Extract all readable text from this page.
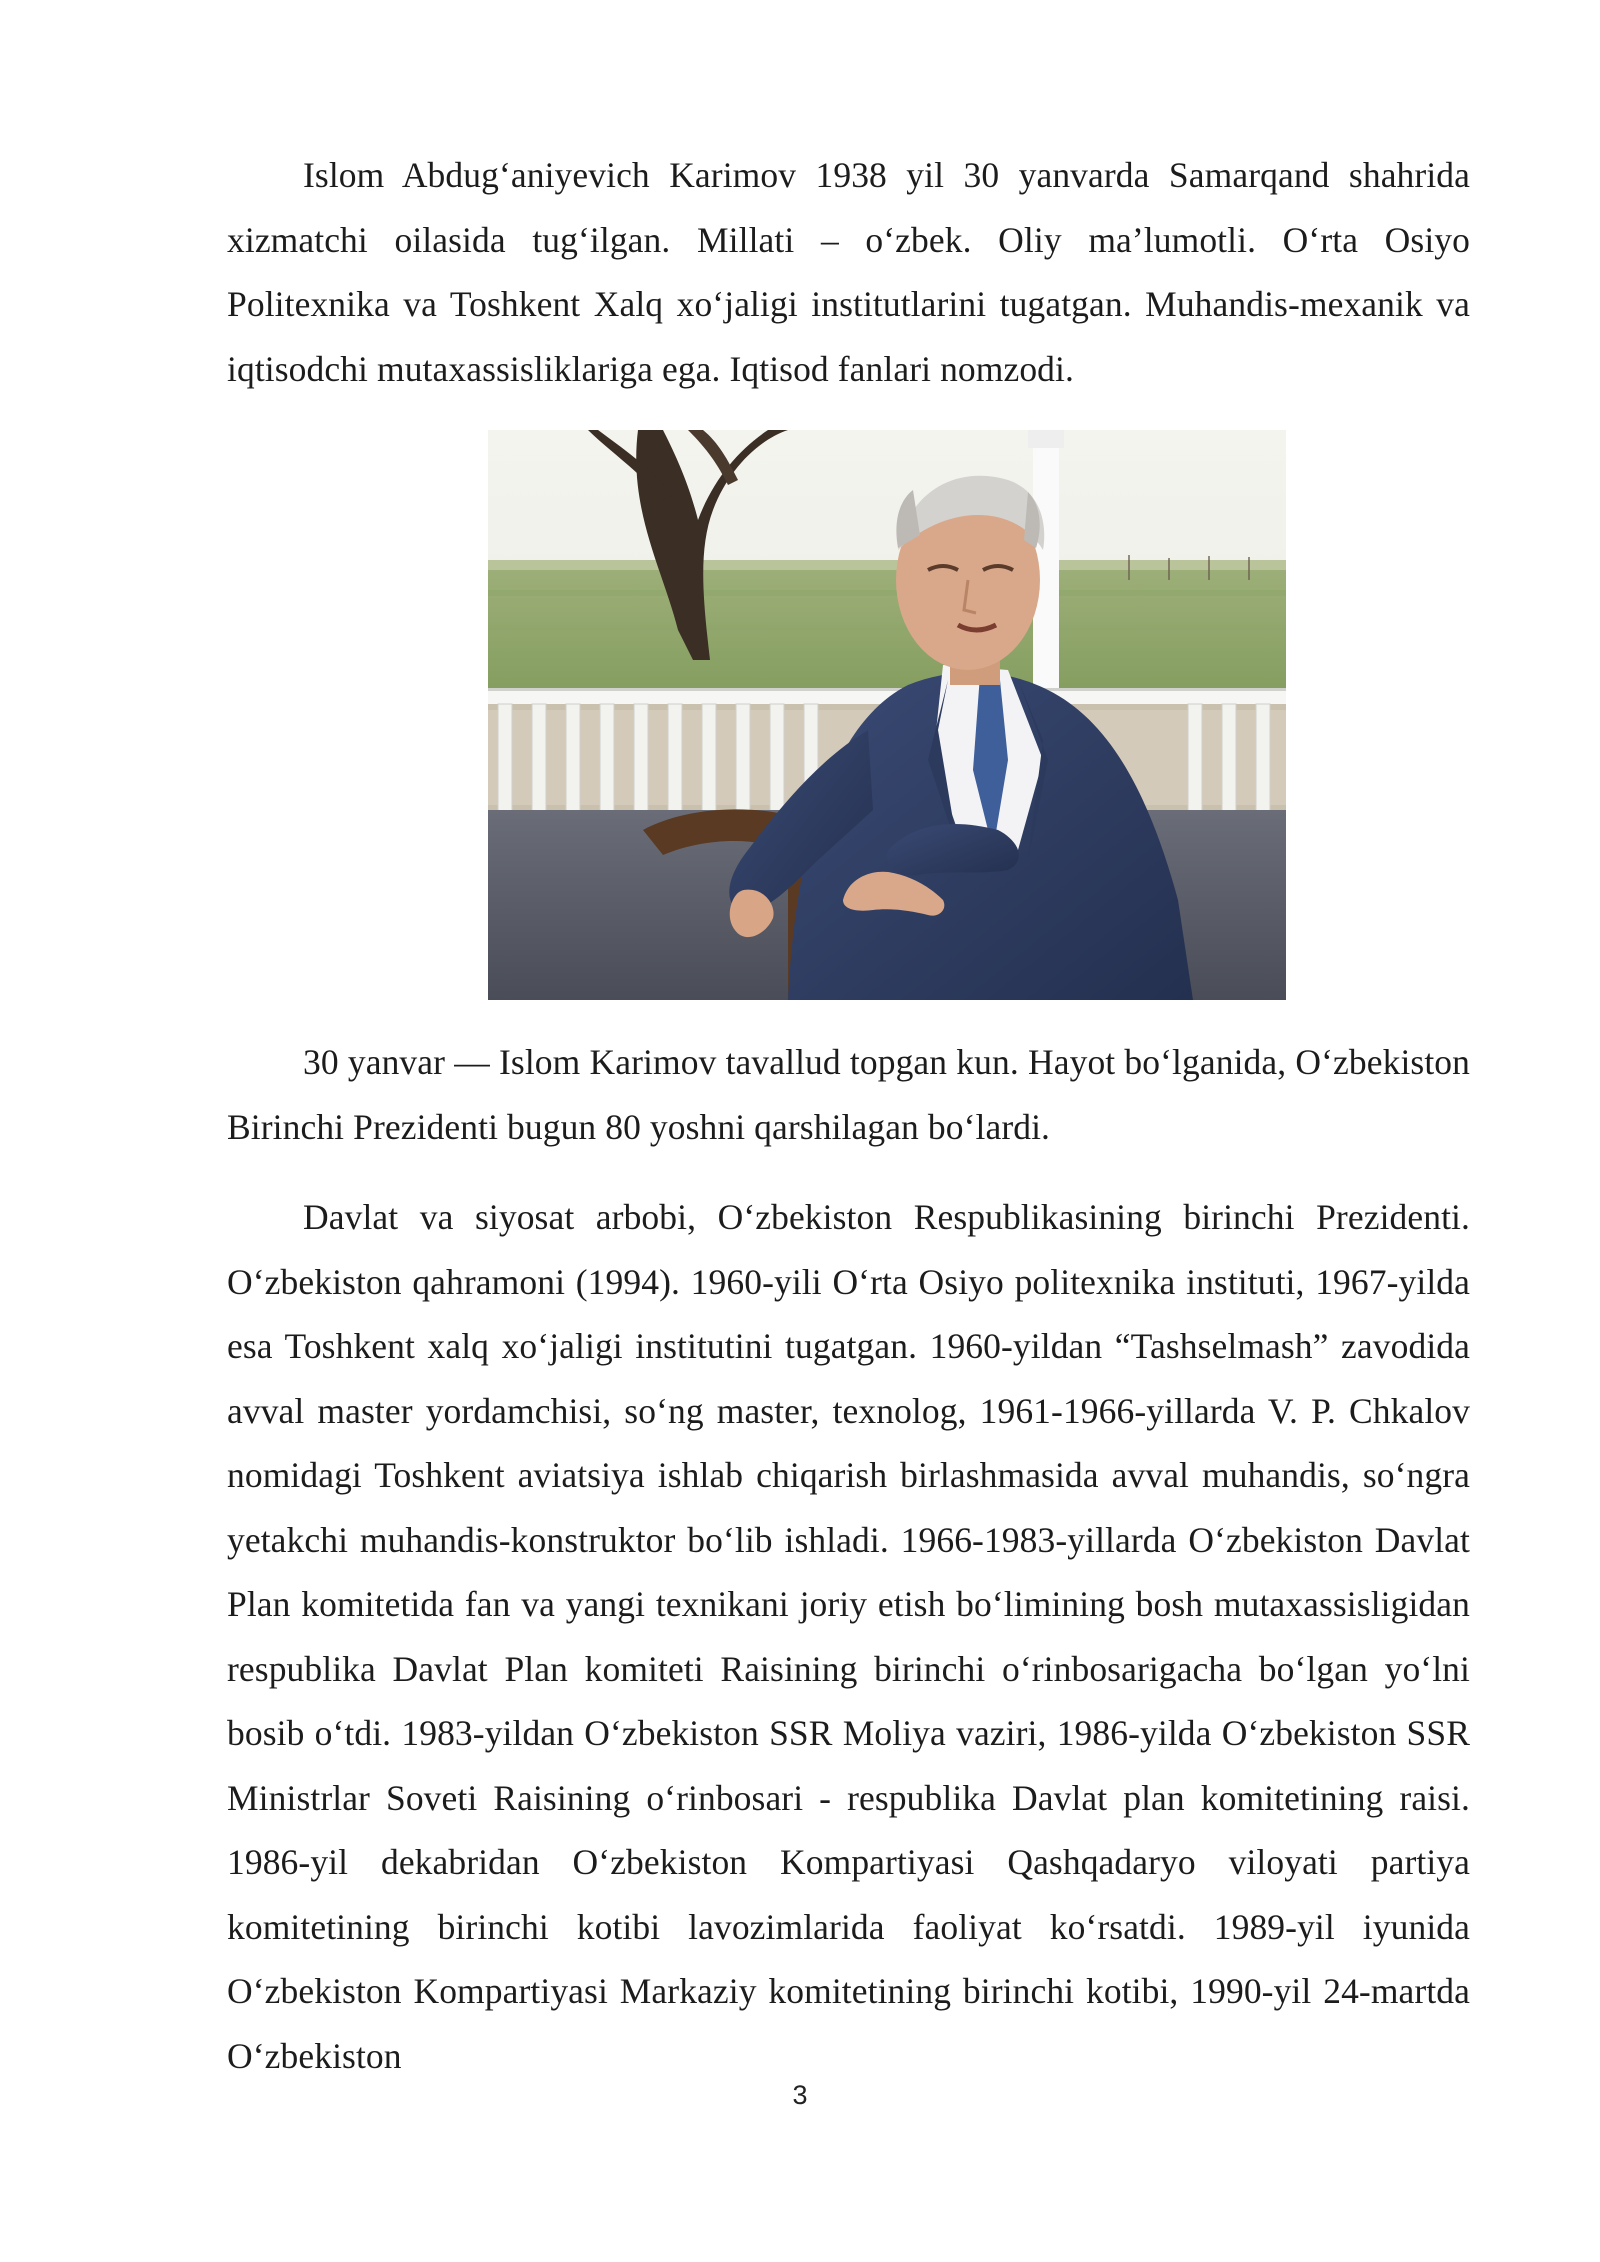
Islom Abdug‘aniyevich Karimov 1938 yil 30 yanvarda Samarqand shahrida xizmatchi oilasida tug‘ilgan. Millati – o‘zbek. Oliy ma’lumotli. O‘rta Osiyo Politexnika va Toshkent Xalq xo‘jaligi institutlarini tugatgan. Muhandis-mexanik va iqtisodchi mutaxassisliklariga ega. Iqtisod fanlari nomzodi.

30 yanvar — Islom Karimov tavallud topgan kun. Hayot bo‘lganida, O‘zbekiston Birinchi Prezidenti bugun 80 yoshni qarshilagan bo‘lardi.

Davlat va siyosat arbobi, O‘zbekiston Respublikasining birinchi Prezidenti. O‘zbekiston qahramoni (1994). 1960-yili O‘rta Osiyo politexnika instituti, 1967-yilda esa Toshkent xalq xo‘jaligi institutini tugatgan. 1960-yildan “Tashselmash” zavodida avval master yordamchisi, so‘ng master, texnolog, 1961-1966-yillarda V. P. Chkalov nomidagi Toshkent aviatsiya ishlab chiqarish birlashmasida avval muhandis, so‘ngra yetakchi muhandis-konstruktor bo‘lib ishladi. 1966-1983-yillarda O‘zbekiston Davlat Plan komitetida fan va yangi texnikani joriy etish bo‘limining bosh mutaxassisligidan respublika Davlat Plan komiteti Raisining birinchi o‘rinbosarigacha bo‘lgan yo‘lni bosib o‘tdi. 1983-yildan O‘zbekiston SSR Moliya vaziri, 1986-yilda O‘zbekiston SSR Ministrlar Soveti Raisining o‘rinbosari - respublika Davlat plan komitetining raisi. 1986-yil dekabridan O‘zbekiston Kompartiyasi Qashqadaryo viloyati partiya komitetining birinchi kotibi lavozimlarida faoliyat ko‘rsatdi. 1989-yil iyunida O‘zbekiston Kompartiyasi Markaziy komitetining birinchi kotibi, 1990-yil 24-martda O‘zbekiston

3
